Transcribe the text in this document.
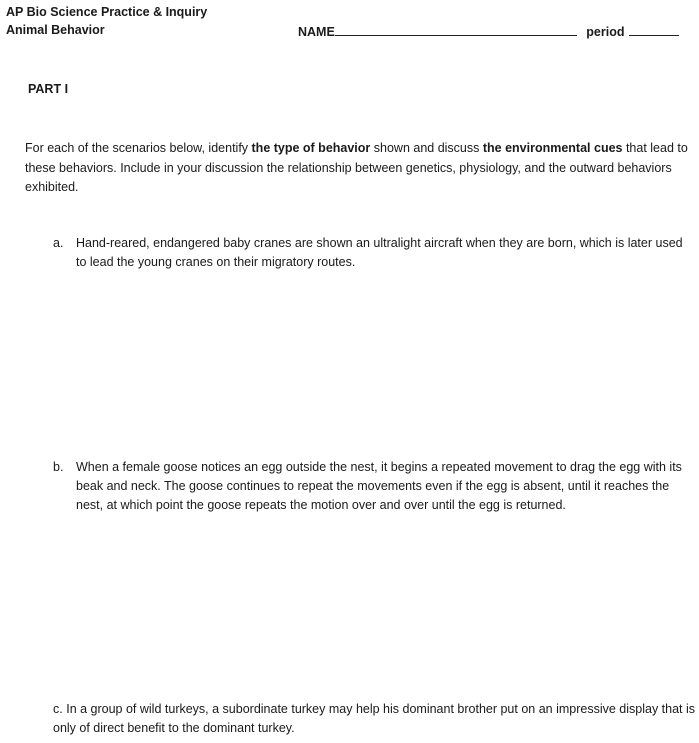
AP Bio Science Practice & Inquiry
Animal Behavior	NAME	period
PART I
For each of the scenarios below, identify the type of behavior shown and discuss the environmental cues that lead to these behaviors. Include in your discussion the relationship between genetics, physiology, and the outward behaviors exhibited.
a. Hand-reared, endangered baby cranes are shown an ultralight aircraft when they are born, which is later used to lead the young cranes on their migratory routes.
b. When a female goose notices an egg outside the nest, it begins a repeated movement to drag the egg with its beak and neck. The goose continues to repeat the movements even if the egg is absent, until it reaches the nest, at which point the goose repeats the motion over and over until the egg is returned.
c. In a group of wild turkeys, a subordinate turkey may help his dominant brother put on an impressive display that is only of direct benefit to the dominant turkey.
